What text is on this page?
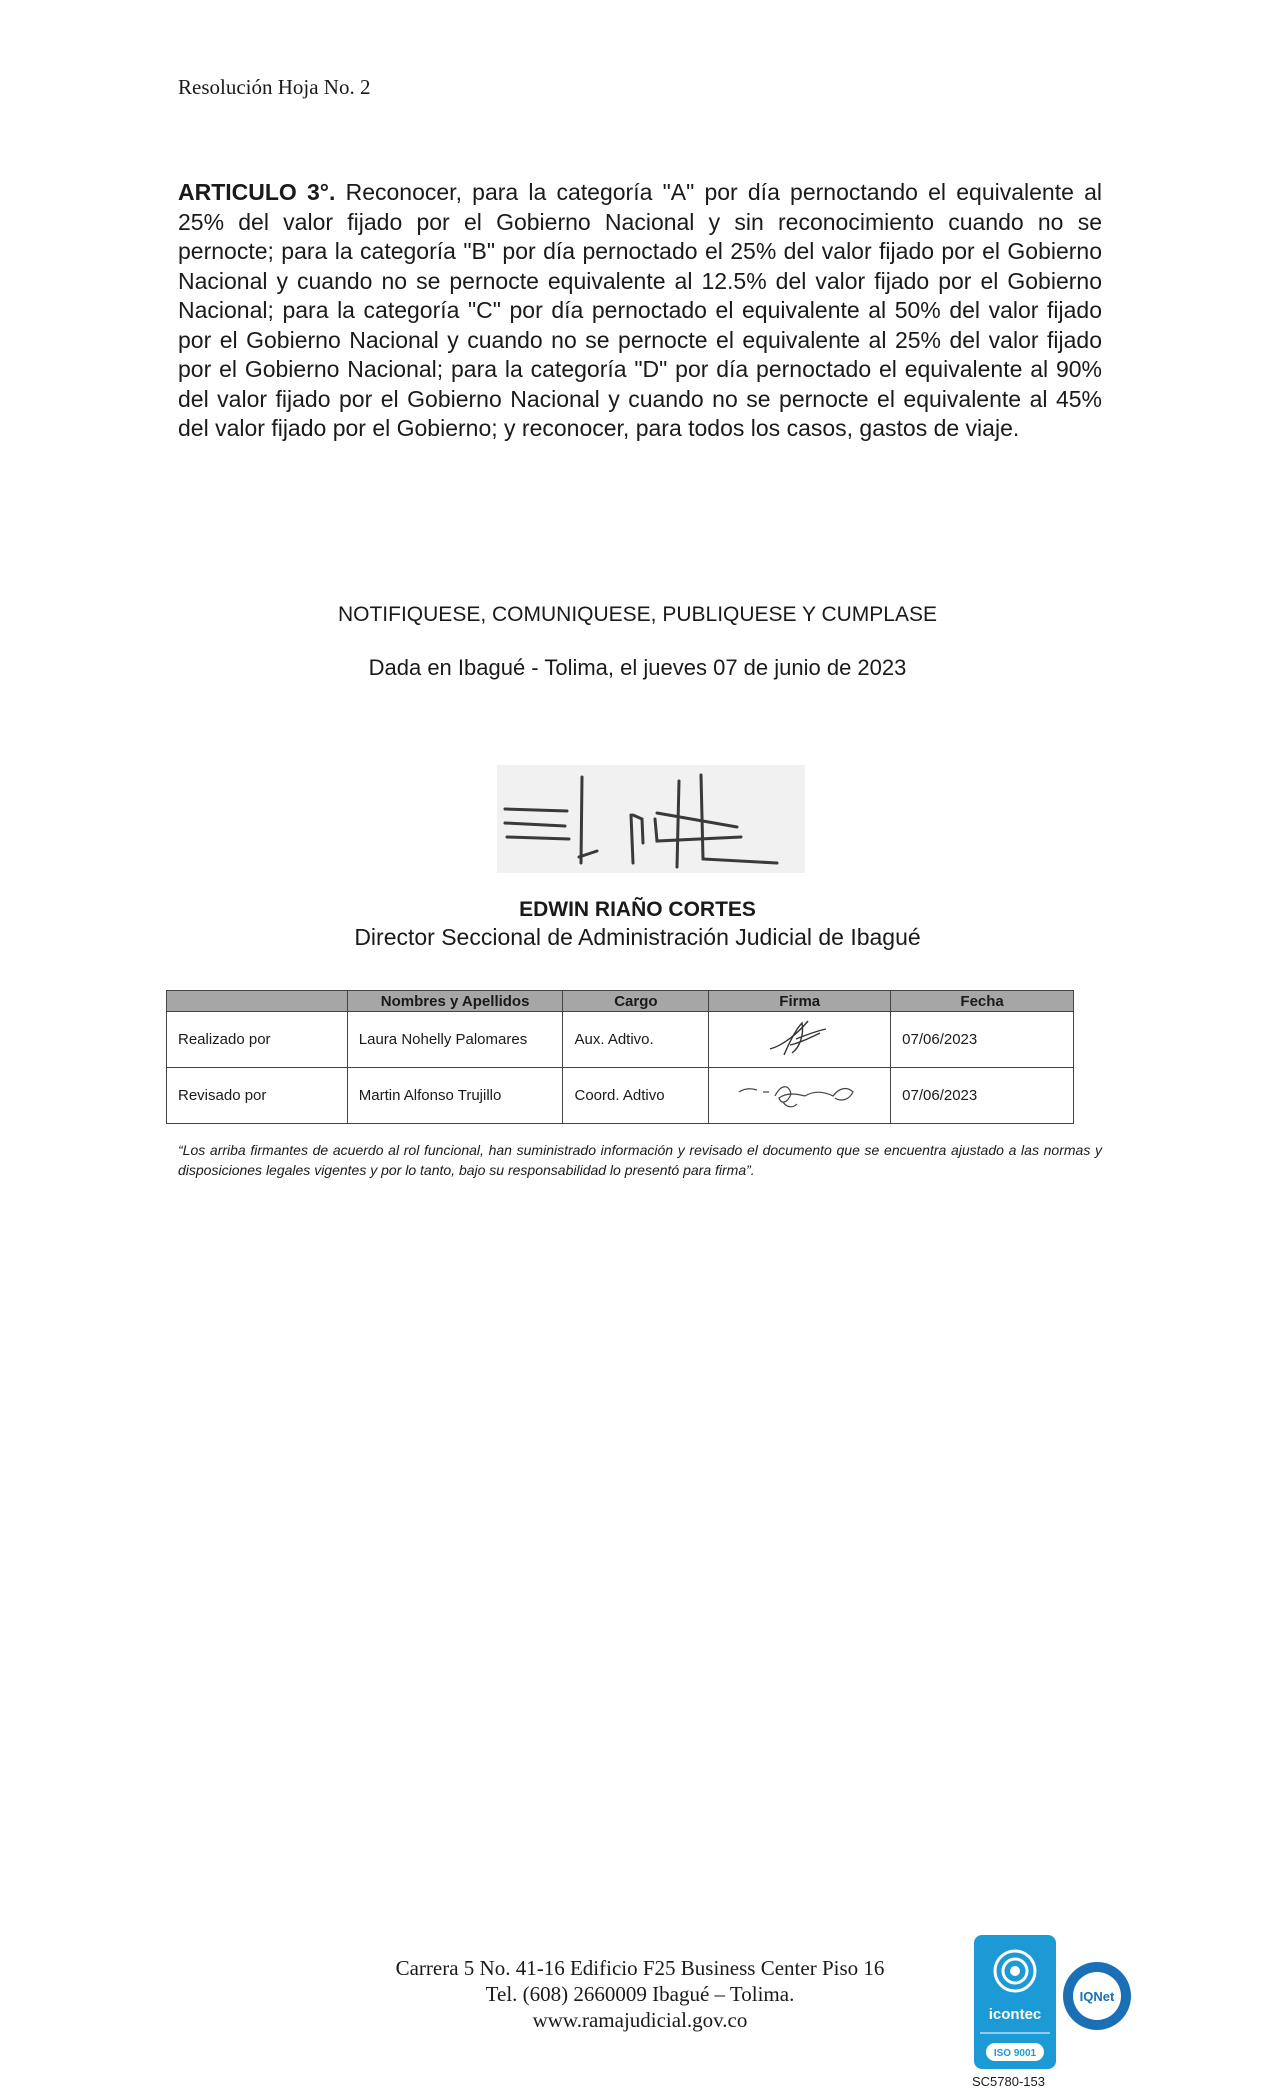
Resolución Hoja No. 2
ARTICULO 3°. Reconocer, para la categoría "A" por día pernoctando el equivalente al 25% del valor fijado por el Gobierno Nacional y sin reconocimiento cuando no se pernocte; para la categoría "B" por día pernoctado el 25% del valor fijado por el Gobierno Nacional y cuando no se pernocte equivalente al 12.5% del valor fijado por el Gobierno Nacional; para la categoría "C" por día pernoctado el equivalente al 50% del valor fijado por el Gobierno Nacional y cuando no se pernocte el equivalente al 25% del valor fijado por el Gobierno Nacional; para la categoría "D" por día pernoctado el equivalente al 90% del valor fijado por el Gobierno Nacional y cuando no se pernocte el equivalente al 45% del valor fijado por el Gobierno; y reconocer, para todos los casos, gastos de viaje.
NOTIFIQUESE, COMUNIQUESE, PUBLIQUESE Y CUMPLASE
Dada en Ibagué - Tolima, el jueves 07 de junio de 2023
EDWIN RIAÑO CORTES
Director Seccional de Administración Judicial de Ibagué
	Nombres y Apellidos	Cargo	Firma	Fecha
Realizado por	Laura Nohelly Palomares	Aux. Adtivo.		07/06/2023
Revisado por	Martin Alfonso Trujillo	Coord. Adtivo		07/06/2023
“Los arriba firmantes de acuerdo al rol funcional, han suministrado información y revisado el documento que se encuentra ajustado a las normas y disposiciones legales vigentes y por lo tanto, bajo su responsabilidad lo presentó para firma”.
Carrera 5 No. 41-16 Edificio F25 Business Center Piso 16
Tel. (608) 2660009 Ibagué – Tolima.
www.ramajudicial.gov.co	icontec
ISO 9001
IQNet
SC5780-153
